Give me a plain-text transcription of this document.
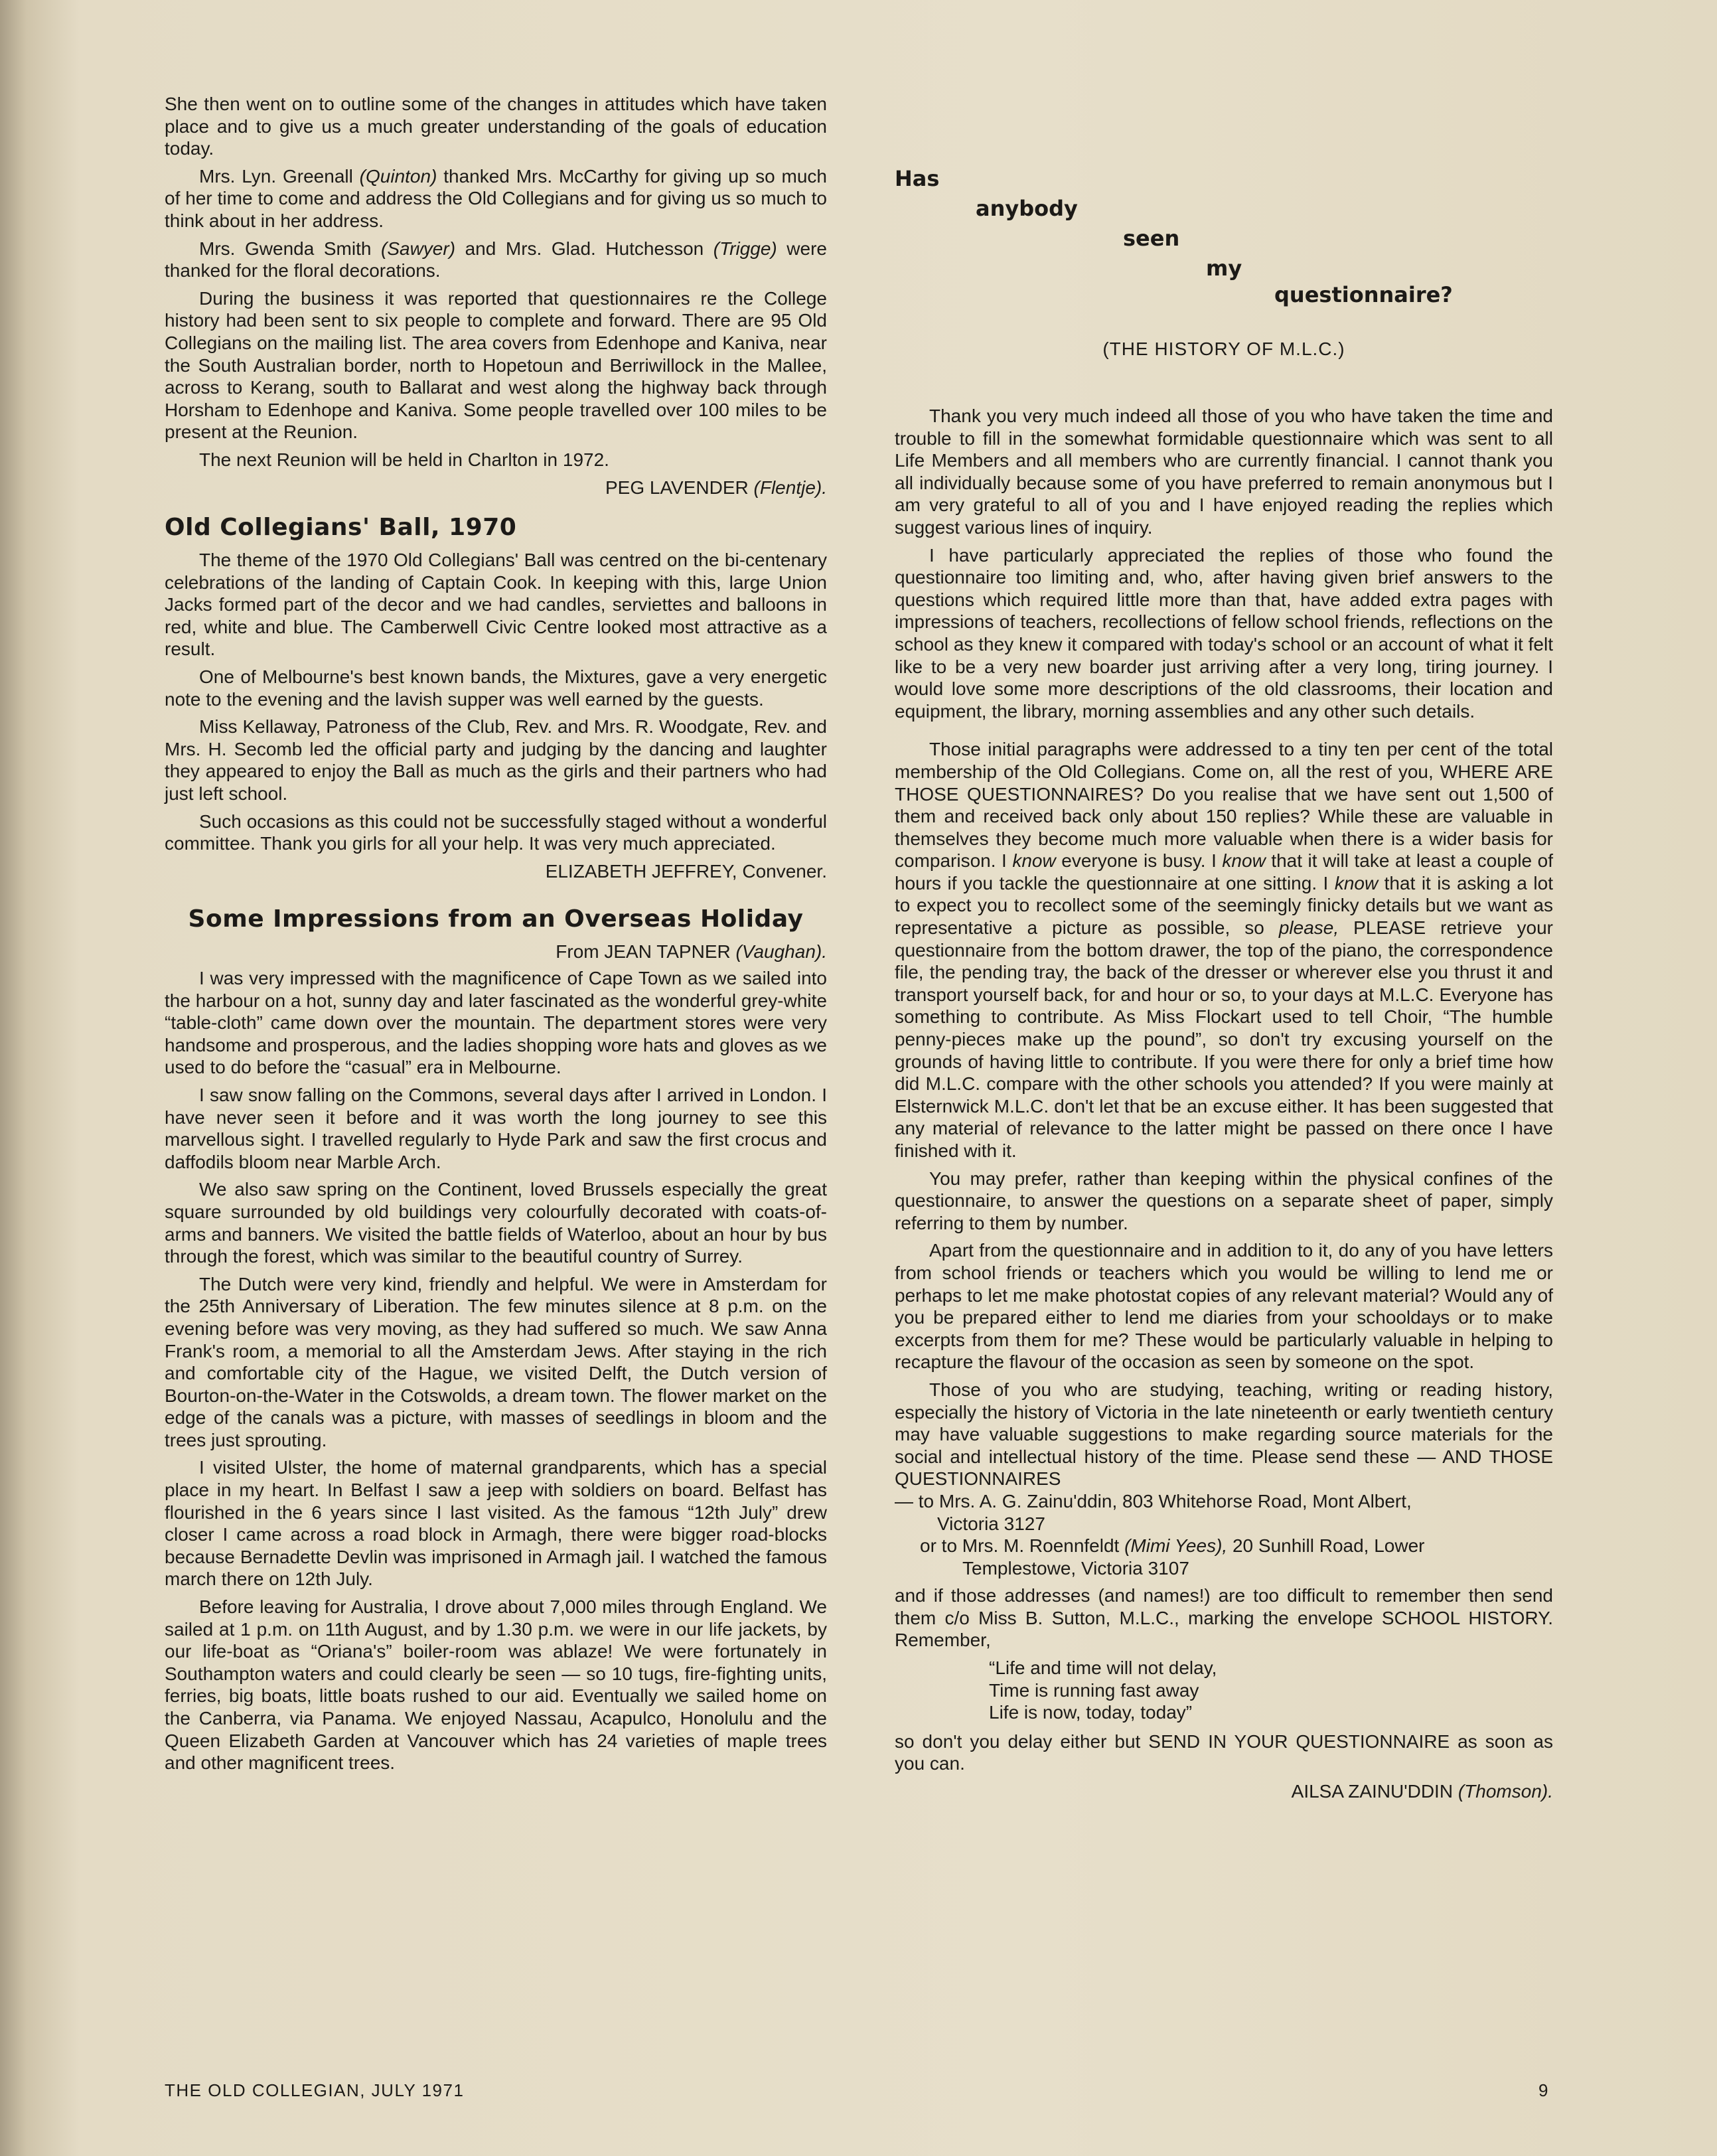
She then went on to outline some of the changes in attitudes which have taken place and to give us a much greater understanding of the goals of education today.

Mrs. Lyn. Greenall (Quinton) thanked Mrs. McCarthy for giving up so much of her time to come and address the Old Collegians and for giving us so much to think about in her address.

Mrs. Gwenda Smith (Sawyer) and Mrs. Glad. Hutchesson (Trigge) were thanked for the floral decorations.

During the business it was reported that questionnaires re the College history had been sent to six people to complete and forward. There are 95 Old Collegians on the mailing list. The area covers from Edenhope and Kaniva, near the South Australian border, north to Hopetoun and Berriwillock in the Mallee, across to Kerang, south to Ballarat and west along the highway back through Horsham to Edenhope and Kaniva. Some people travelled over 100 miles to be present at the Reunion.

The next Reunion will be held in Charlton in 1972.

PEG LAVENDER (Flentje).
Old Collegians' Ball, 1970

The theme of the 1970 Old Collegians' Ball was centred on the bi-centenary celebrations of the landing of Captain Cook. In keeping with this, large Union Jacks formed part of the decor and we had candles, serviettes and balloons in red, white and blue. The Camberwell Civic Centre looked most attractive as a result.

One of Melbourne's best known bands, the Mixtures, gave a very energetic note to the evening and the lavish supper was well earned by the guests.

Miss Kellaway, Patroness of the Club, Rev. and Mrs. R. Woodgate, Rev. and Mrs. H. Secomb led the official party and judging by the dancing and laughter they appeared to enjoy the Ball as much as the girls and their partners who had just left school.

Such occasions as this could not be successfully staged without a wonderful committee. Thank you girls for all your help. It was very much appreciated.

ELIZABETH JEFFREY, Convener.
Some Impressions from an Overseas Holiday
From JEAN TAPNER (Vaughan).

I was very impressed with the magnificence of Cape Town as we sailed into the harbour on a hot, sunny day and later fascinated as the wonderful grey-white “table-cloth” came down over the mountain. The department stores were very handsome and prosperous, and the ladies shopping wore hats and gloves as we used to do before the “casual” era in Melbourne.

I saw snow falling on the Commons, several days after I arrived in London. I have never seen it before and it was worth the long journey to see this marvellous sight. I travelled regularly to Hyde Park and saw the first crocus and daffodils bloom near Marble Arch.

We also saw spring on the Continent, loved Brussels especially the great square surrounded by old buildings very colourfully decorated with coats-of-arms and banners. We visited the battle fields of Waterloo, about an hour by bus through the forest, which was similar to the beautiful country of Surrey.

The Dutch were very kind, friendly and helpful. We were in Amsterdam for the 25th Anniversary of Liberation. The few minutes silence at 8 p.m. on the evening before was very moving, as they had suffered so much. We saw Anna Frank's room, a memorial to all the Amsterdam Jews. After staying in the rich and comfortable city of the Hague, we visited Delft, the Dutch version of Bourton-on-the-Water in the Cotswolds, a dream town. The flower market on the edge of the canals was a picture, with masses of seedlings in bloom and the trees just sprouting.

I visited Ulster, the home of maternal grandparents, which has a special place in my heart. In Belfast I saw a jeep with soldiers on board. Belfast has flourished in the 6 years since I last visited. As the famous “12th July” drew closer I came across a road block in Armagh, there were bigger road-blocks because Bernadette Devlin was imprisoned in Armagh jail. I watched the famous march there on 12th July.

Before leaving for Australia, I drove about 7,000 miles through England. We sailed at 1 p.m. on 11th August, and by 1.30 p.m. we were in our life jackets, by our life-boat as “Oriana's” boiler-room was ablaze! We were fortunately in Southampton waters and could clearly be seen — so 10 tugs, fire-fighting units, ferries, big boats, little boats rushed to our aid. Eventually we sailed home on the Canberra, via Panama. We enjoyed Nassau, Acapulco, Honolulu and the Queen Elizabeth Garden at Vancouver which has 24 varieties of maple trees and other magnificent trees.

Has
anybody
seen
my
questionnaire?
(THE HISTORY OF M.L.C.)

Thank you very much indeed all those of you who have taken the time and trouble to fill in the somewhat formidable questionnaire which was sent to all Life Members and all members who are currently financial. I cannot thank you all individually because some of you have preferred to remain anonymous but I am very grateful to all of you and I have enjoyed reading the replies which suggest various lines of inquiry.

I have particularly appreciated the replies of those who found the questionnaire too limiting and, who, after having given brief answers to the questions which required little more than that, have added extra pages with impressions of teachers, recollections of fellow school friends, reflections on the school as they knew it compared with today's school or an account of what it felt like to be a very new boarder just arriving after a very long, tiring journey. I would love some more descriptions of the old classrooms, their location and equipment, the library, morning assemblies and any other such details.

Those initial paragraphs were addressed to a tiny ten per cent of the total membership of the Old Collegians. Come on, all the rest of you, WHERE ARE THOSE QUESTIONNAIRES? Do you realise that we have sent out 1,500 of them and received back only about 150 replies? While these are valuable in themselves they become much more valuable when there is a wider basis for comparison. I know everyone is busy. I know that it will take at least a couple of hours if you tackle the questionnaire at one sitting. I know that it is asking a lot to expect you to recollect some of the seemingly finicky details but we want as representative a picture as possible, so please, PLEASE retrieve your questionnaire from the bottom drawer, the top of the piano, the correspondence file, the pending tray, the back of the dresser or wherever else you thrust it and transport yourself back, for and hour or so, to your days at M.L.C. Everyone has something to contribute. As Miss Flockart used to tell Choir, “The humble penny-pieces make up the pound”, so don't try excusing yourself on the grounds of having little to contribute. If you were there for only a brief time how did M.L.C. compare with the other schools you attended? If you were mainly at Elsternwick M.L.C. don't let that be an excuse either. It has been suggested that any material of relevance to the latter might be passed on there once I have finished with it.

You may prefer, rather than keeping within the physical confines of the questionnaire, to answer the questions on a separate sheet of paper, simply referring to them by number.

Apart from the questionnaire and in addition to it, do any of you have letters from school friends or teachers which you would be willing to lend me or perhaps to let me make photostat copies of any relevant material? Would any of you be prepared either to lend me diaries from your schooldays or to make excerpts from them for me? These would be particularly valuable in helping to recapture the flavour of the occasion as seen by someone on the spot.

Those of you who are studying, teaching, writing or reading history, especially the history of Victoria in the late nineteenth or early twentieth century may have valuable suggestions to make regarding source materials for the social and intellectual history of the time. Please send these — AND THOSE QUESTIONNAIRES

— to Mrs. A. G. Zainu'ddin, 803 Whitehorse Road, Mont Albert,
Victoria 3127

or to Mrs. M. Roennfeldt (Mimi Yees), 20 Sunhill Road, Lower
Templestowe, Victoria 3107

and if those addresses (and names!) are too difficult to remember then send them c/o Miss B. Sutton, M.L.C., marking the envelope SCHOOL HISTORY. Remember,

“Life and time will not delay,
Time is running fast away
Life is now, today, today”

so don't you delay either but SEND IN YOUR QUESTIONNAIRE as soon as you can.

AILSA ZAINU'DDIN (Thomson).
THE OLD COLLEGIAN, JULY 1971	9
